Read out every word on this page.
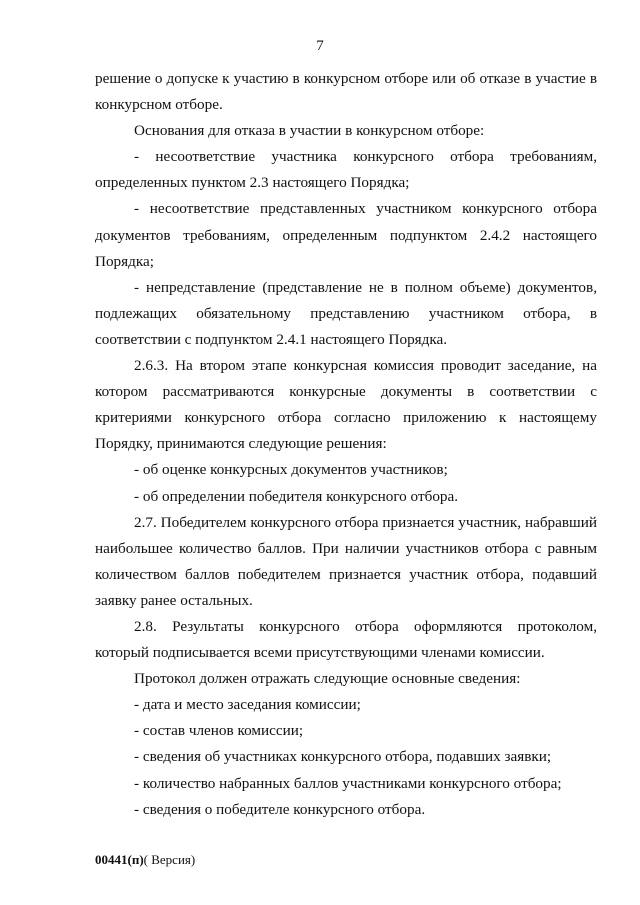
7

решение о допуске к участию в конкурсном отборе или об отказе в участие в конкурсном отборе.

Основания для отказа в участии в конкурсном отборе:

- несоответствие участника конкурсного отбора требованиям, определенных пунктом 2.3 настоящего Порядка;

- несоответствие представленных участником конкурсного отбора документов требованиям, определенным подпунктом 2.4.2 настоящего Порядка;

- непредставление (представление не в полном объеме) документов, подлежащих обязательному представлению участником отбора, в соответствии с подпунктом 2.4.1 настоящего Порядка.

2.6.3. На втором этапе конкурсная комиссия проводит заседание, на котором рассматриваются конкурсные документы в соответствии с критериями конкурсного отбора согласно приложению к настоящему Порядку, принимаются следующие решения:

- об оценке конкурсных документов участников;

- об определении победителя конкурсного отбора.

2.7. Победителем конкурсного отбора признается участник, набравший наибольшее количество баллов. При наличии участников отбора с равным количеством баллов победителем признается участник отбора, подавший заявку ранее остальных.

2.8. Результаты конкурсного отбора оформляются протоколом, который подписывается всеми присутствующими членами комиссии.

Протокол должен отражать следующие основные сведения:

- дата и место заседания комиссии;

- состав членов комиссии;

- сведения об участниках конкурсного отбора, подавших заявки;

- количество набранных баллов участниками конкурсного отбора;

- сведения о победителе конкурсного отбора.

00441(п)( Версия)
